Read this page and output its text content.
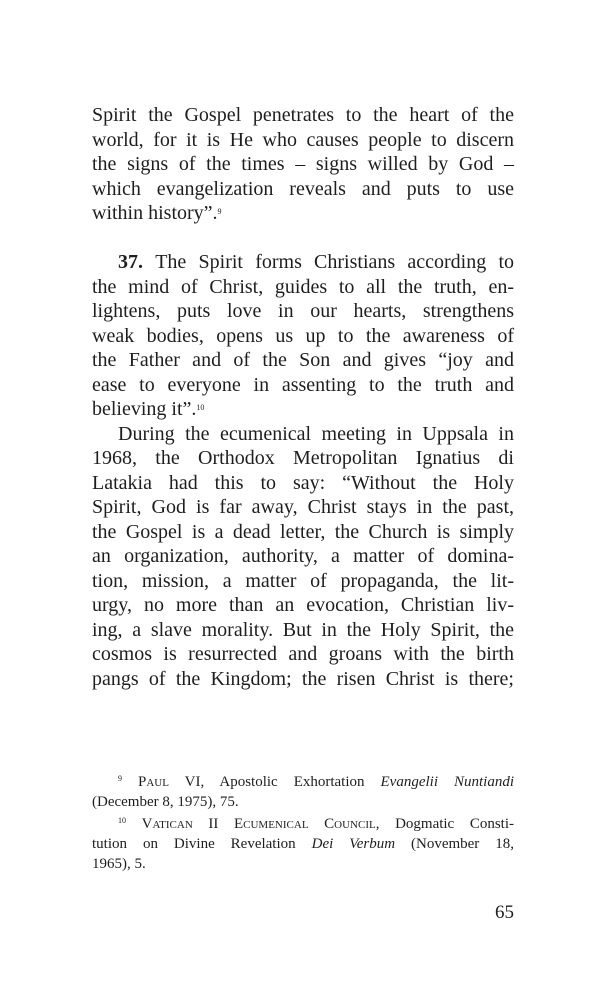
Spirit the Gospel penetrates to the heart of the
world, for it is He who causes people to discern
the signs of the times – signs willed by God –
which evangelization reveals and puts to use
within history”.$^9$
37. The Spirit forms Christians according to
the mind of Christ, guides to all the truth, en-
lightens, puts love in our hearts, strengthens
weak bodies, opens us up to the awareness of
the Father and of the Son and gives “joy and
ease to everyone in assenting to the truth and
believing it”.$^{10}$
During the ecumenical meeting in Uppsala in
1968, the Orthodox Metropolitan Ignatius di
Latakia had this to say: “Without the Holy
Spirit, God is far away, Christ stays in the past,
the Gospel is a dead letter, the Church is simply
an organization, authority, a matter of domina-
tion, mission, a matter of propaganda, the lit-
urgy, no more than an evocation, Christian liv-
ing, a slave morality. But in the Holy Spirit, the
cosmos is resurrected and groans with the birth
pangs of the Kingdom; the risen Christ is there;
$^9$ Paul VI, Apostolic Exhortation Evangelii Nuntiandi
(December 8, 1975), 75.
$^{10}$ Vatican II Ecumenical Council, Dogmatic Consti-
tution on Divine Revelation Dei Verbum (November 18,
1965), 5.
65
